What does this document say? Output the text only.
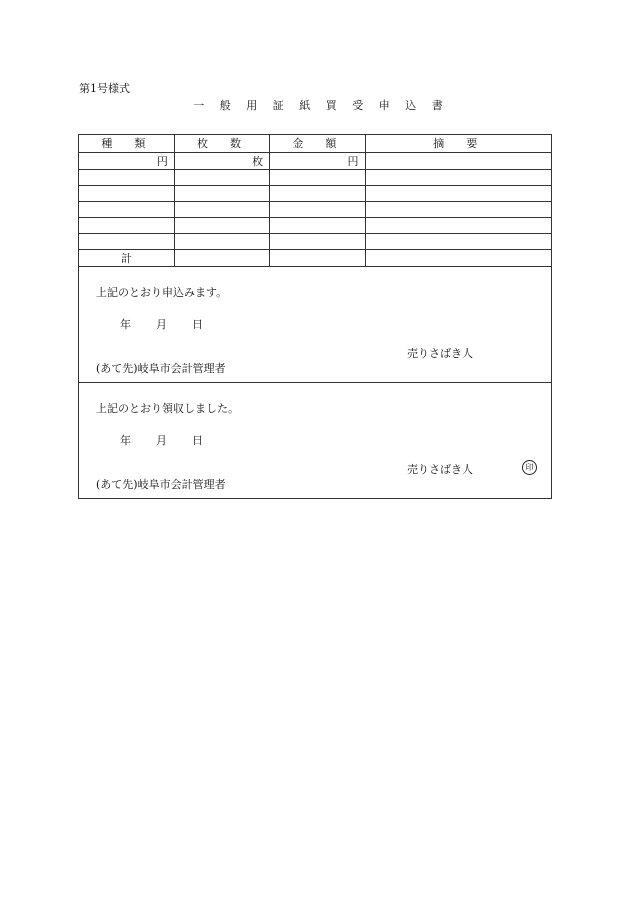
第1号様式
一 般 用 証 紙 買 受 申 込 書
種類	枚数	金額	摘要
円	枚	円	

計			
上記のとおり申込みます。
年	月	日
売りさばき人
(あて先)岐阜市会計管理者
上記のとおり領収しました。
年	月	日
売りさばき人	印
(あて先)岐阜市会計管理者
